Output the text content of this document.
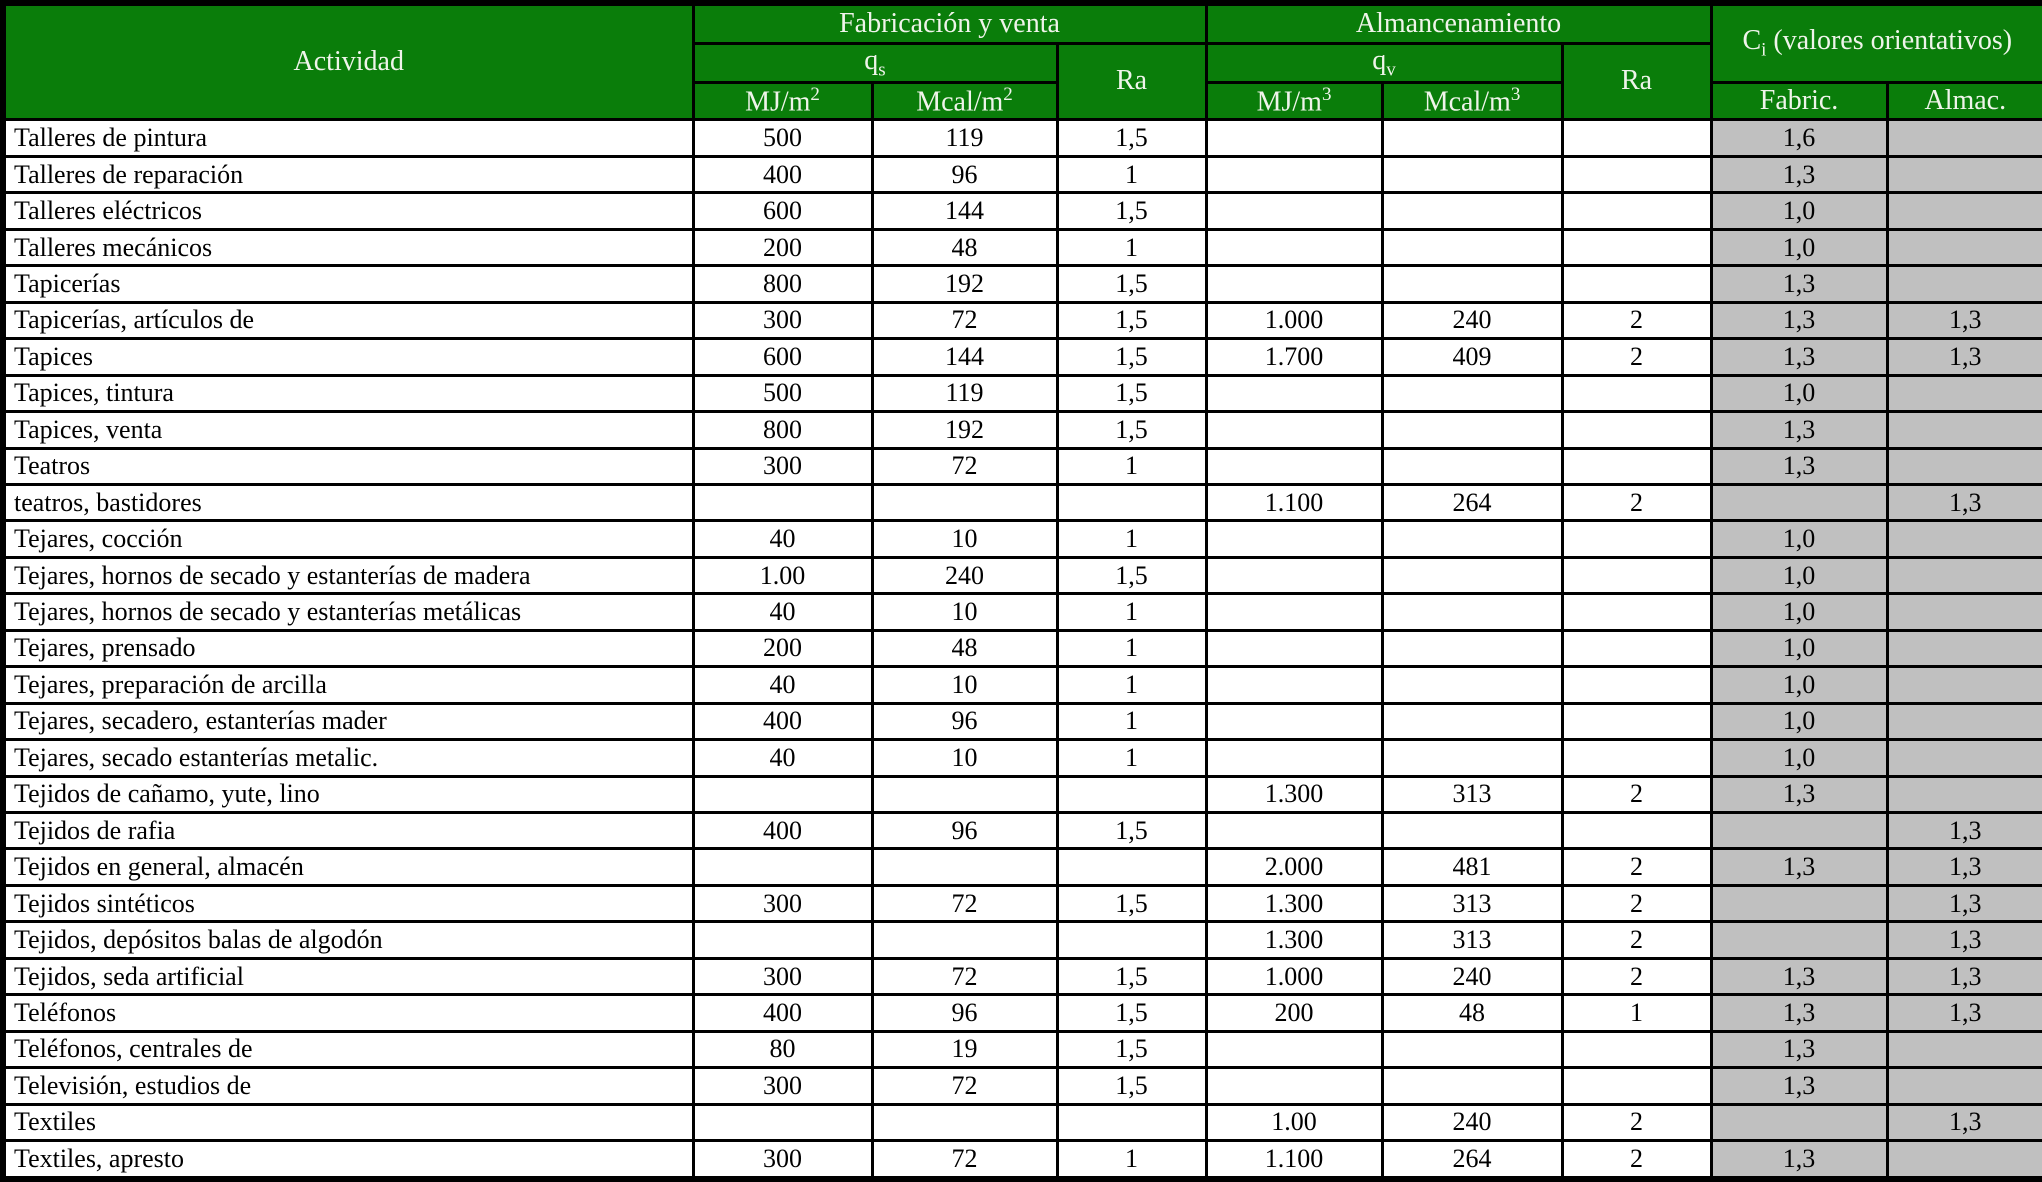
Actividad	Fabricación y venta			Almancenamiento			$C_i$ (valores orientativos)	
	$q_s$		Ra	$q_v$		Ra		
	$MJ/m^2$	Mcal/$m^2$		$MJ/m^3$	Mcal/$m^3$		Fabric.	Almac.
Talleres de pintura	500	119	1,5				1,6	
Talleres de reparación	400	96	1				1,3	
Talleres eléctricos	600	144	1,5				1,0	
Talleres mecánicos	200	48	1				1,0	
Tapicerías	800	192	1,5				1,3	
Tapicerías, artículos de	300	72	1,5	1.000	240	2	1,3	1,3
Tapices	600	144	1,5	1.700	409	2	1,3	1,3
Tapices, tintura	500	119	1,5				1,0	
Tapices, venta	800	192	1,5				1,3	
Teatros	300	72	1				1,3	
teatros, bastidores				1.100	264	2		1,3
Tejares, cocción	40	10	1				1,0	
Tejares, hornos de secado y estanterías de madera	1.00	240	1,5				1,0	
Tejares, hornos de secado y estanterías metálicas	40	10	1				1,0	
Tejares, prensado	200	48	1				1,0	
Tejares, preparación de arcilla	40	10	1				1,0	
Tejares, secadero, estanterías mader	400	96	1				1,0	
Tejares, secado estanterías metalic.	40	10	1				1,0	
Tejidos de cañamo, yute, lino				1.300	313	2	1,3	
Tejidos de rafia	400	96	1,5					1,3
Tejidos en general, almacén				2.000	481	2	1,3	1,3
Tejidos sintéticos	300	72	1,5	1.300	313	2		1,3
Tejidos, depósitos balas de algodón				1.300	313	2		1,3
Tejidos, seda artificial	300	72	1,5	1.000	240	2	1,3	1,3
Teléfonos	400	96	1,5	200	48	1	1,3	1,3
Teléfonos, centrales de	80	19	1,5				1,3	
Televisión, estudios de	300	72	1,5				1,3	
Textiles				1.00	240	2		1,3
Textiles, apresto	300	72	1	1.100	264	2	1,3	
